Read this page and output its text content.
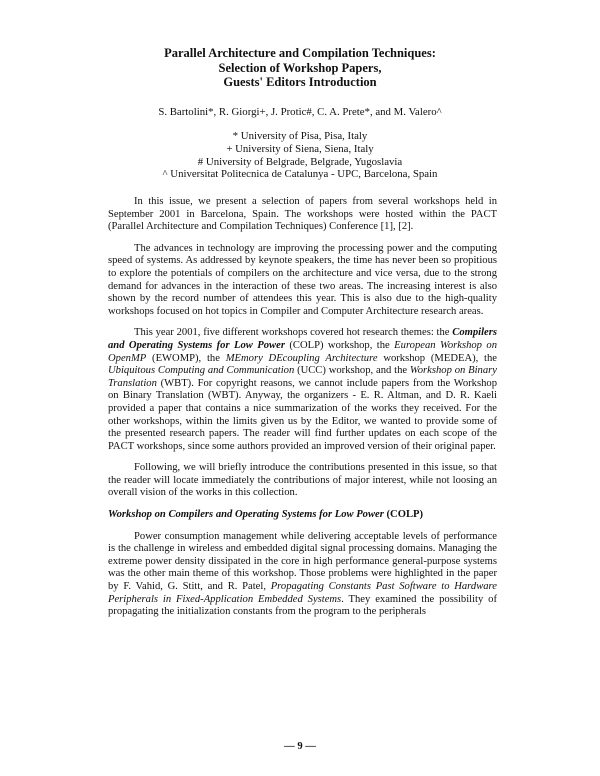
Parallel Architecture and Compilation Techniques:
Selection of Workshop Papers,
Guests' Editors Introduction
S. Bartolini*, R. Giorgi+, J. Protic#, C. A. Prete*, and M. Valero^
* University of Pisa, Pisa, Italy
+ University of Siena, Siena, Italy
# University of Belgrade, Belgrade, Yugoslavia
^ Universitat Politecnica de Catalunya - UPC, Barcelona, Spain

In this issue, we present a selection of papers from several workshops held in September 2001 in Barcelona, Spain. The workshops were hosted within the PACT (Parallel Architecture and Compilation Techniques) Conference [1], [2].

The advances in technology are improving the processing power and the computing speed of systems. As addressed by keynote speakers, the time has never been so propitious to explore the potentials of compilers on the architecture and vice versa, due to the strong demand for advances in the interaction of these two areas. The increasing interest is also shown by the record number of attendees this year. This is also due to the high-quality workshops focused on hot topics in Compiler and Computer Architecture research areas.

This year 2001, five different workshops covered hot research themes: the Compilers and Operating Systems for Low Power (COLP) workshop, the European Workshop on OpenMP (EWOMP), the MEmory DEcoupling Architecture workshop (MEDEA), the Ubiquitous Computing and Communication (UCC) workshop, and the Workshop on Binary Translation (WBT). For copyright reasons, we cannot include papers from the Workshop on Binary Translation (WBT). Anyway, the organizers - E. R. Altman, and D. R. Kaeli provided a paper that contains a nice summarization of the works they received. For the other workshops, within the limits given us by the Editor, we wanted to provide some of the presented research papers. The reader will find further updates on each scope of the PACT workshops, since some authors provided an improved version of their original paper.

Following, we will briefly introduce the contributions presented in this issue, so that the reader will locate immediately the contributions of major interest, while not loosing an overall vision of the works in this collection.

Workshop on Compilers and Operating Systems for Low Power (COLP)

Power consumption management while delivering acceptable levels of performance is the challenge in wireless and embedded digital signal processing domains. Managing the extreme power density dissipated in the core in high performance general-purpose systems was the other main theme of this workshop. Those problems were highlighted in the paper by F. Vahid, G. Stitt, and R. Patel, Propagating Constants Past Software to Hardware Peripherals in Fixed-Application Embedded Systems. They examined the possibility of propagating the initialization constants from the program to the peripherals

— 9 —
